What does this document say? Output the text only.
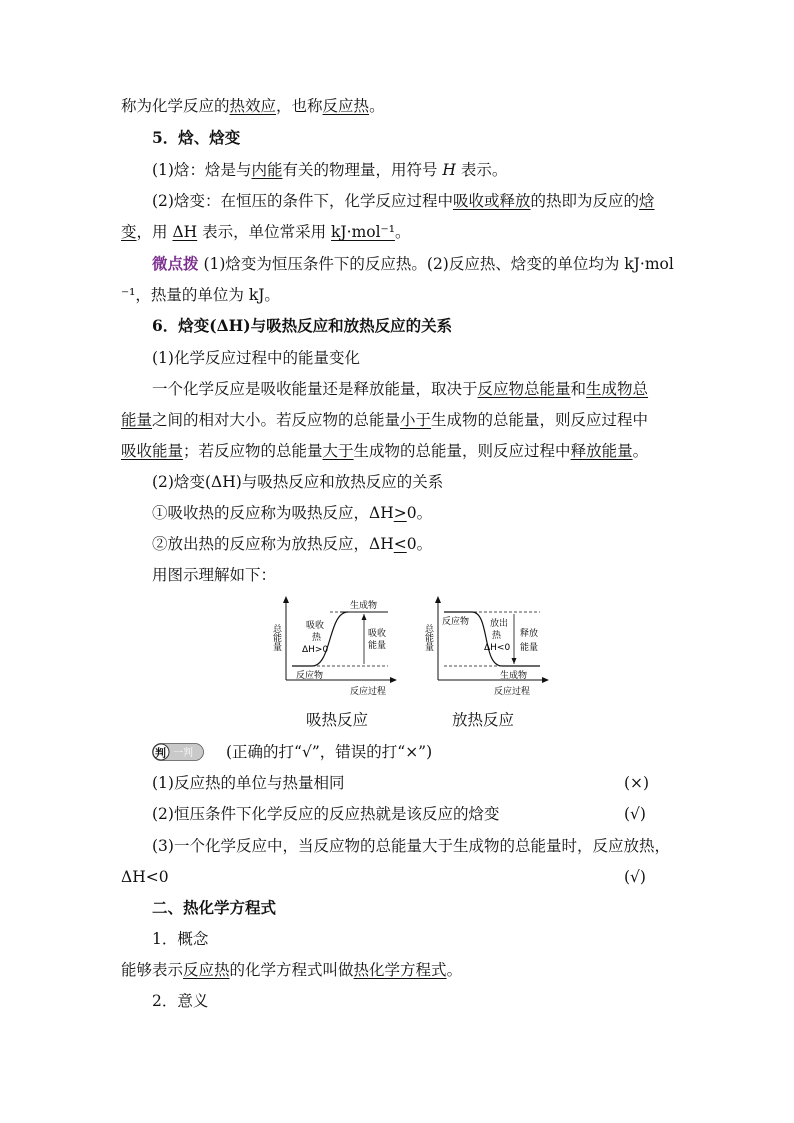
称为化学反应的热效应，也称反应热。
5．焓、焓变
(1)焓：焓是与内能有关的物理量，用符号 H 表示。
(2)焓变：在恒压的条件下，化学反应过程中吸收或释放的热即为反应的焓
变，用 ΔH 表示，单位常采用 kJ·mol⁻¹。
微点拨 (1)焓变为恒压条件下的反应热。(2)反应热、焓变的单位均为 kJ·mol
⁻¹，热量的单位为 kJ。
6．焓变(ΔH)与吸热反应和放热反应的关系
(1)化学反应过程中的能量变化
一个化学反应是吸收能量还是释放能量，取决于反应物总能量和生成物总
能量之间的相对大小。若反应物的总能量小于生成物的总能量，则反应过程中
吸收能量；若反应物的总能量大于生成物的总能量，则反应过程中释放能量。
(2)焓变(ΔH)与吸热反应和放热反应的关系
①吸收热的反应称为吸热反应，ΔH>0。
②放出热的反应称为放热反应，ΔH<0。
用图示理解如下：
总能量
生成物
反应物
吸收
热
ΔH>0
吸收
能量
反应过程
吸热反应
总能量
反应物
生成物
放出
热
ΔH<0
释放
能量
反应过程
放热反应
判 一判 (正确的打“√”，错误的打“×”)
(1)反应热的单位与热量相同	(×)
(2)恒压条件下化学反应的反应热就是该反应的焓变	(√)
(3)一个化学反应中，当反应物的总能量大于生成物的总能量时，反应放热，
ΔH<0	(√)
二、热化学方程式
1．概念
能够表示反应热的化学方程式叫做热化学方程式。
2．意义
